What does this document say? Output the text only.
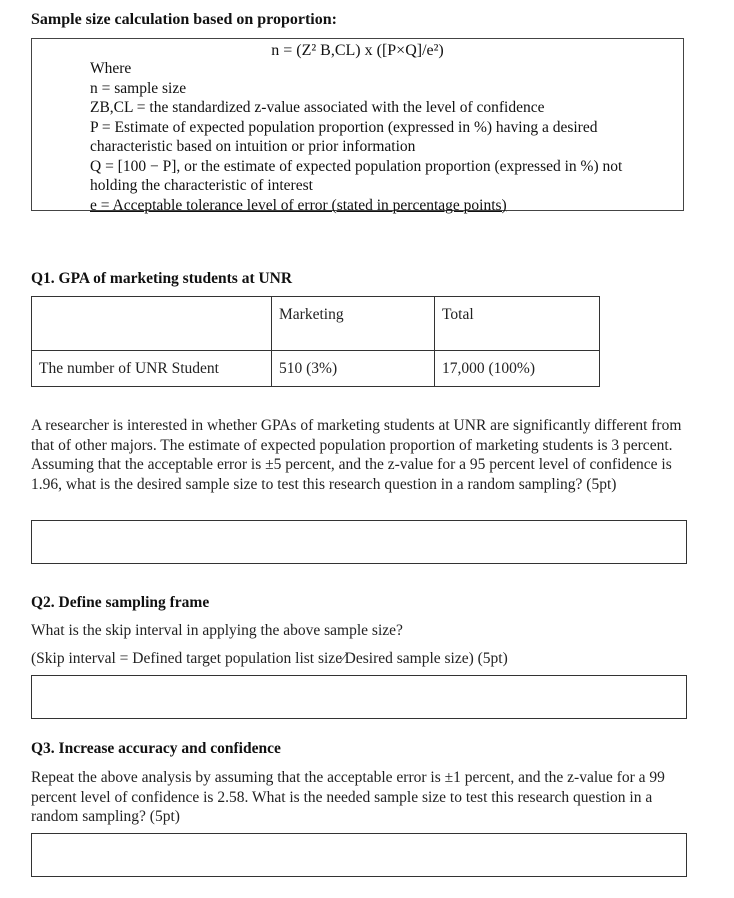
Sample size calculation based on proportion:
n = (Z² B,CL) x ([P×Q]/e²)

Where

n = sample size

ZB,CL = the standardized z-value associated with the level of confidence

P = Estimate of expected population proportion (expressed in %) having a desired characteristic based on intuition or prior information

Q = [100 − P], or the estimate of expected population proportion (expressed in %) not holding the characteristic of interest

e = Acceptable tolerance level of error (stated in percentage points)

Q1. GPA of marketing students at UNR
	Marketing	Total
The number of UNR Student	510 (3%)	17,000 (100%)
A researcher is interested in whether GPAs of marketing students at UNR are significantly different from that of other majors. The estimate of expected population proportion of marketing students is 3 percent. Assuming that the acceptable error is ±5 percent, and the z-value for a 95 percent level of confidence is 1.96, what is the desired sample size to test this research question in a random sampling? (5pt)
Q2. Define sampling frame
What is the skip interval in applying the above sample size?
(Skip interval = Defined target population list size∕Desired sample size) (5pt)
Q3. Increase accuracy and confidence
Repeat the above analysis by assuming that the acceptable error is ±1 percent, and the z-value for a 99 percent level of confidence is 2.58. What is the needed sample size to test this research question in a random sampling? (5pt)
